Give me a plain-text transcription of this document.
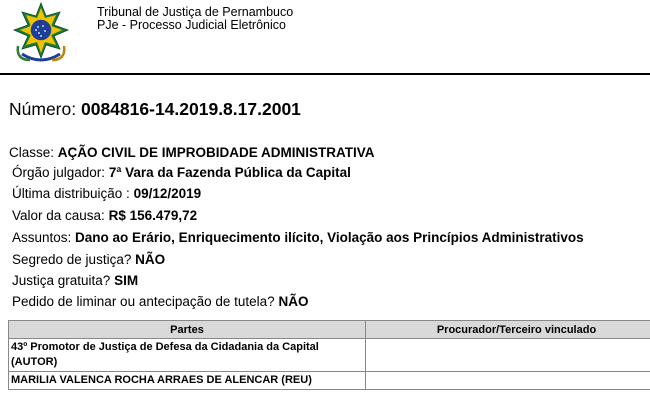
Tribunal de Justiça de Pernambuco
PJe - Processo Judicial Eletrônico
Número: 0084816-14.2019.8.17.2001
Classe: AÇÃO CIVIL DE IMPROBIDADE ADMINISTRATIVA
Órgão julgador: 7ª Vara da Fazenda Pública da Capital
Última distribuição : 09/12/2019
Valor da causa: R$ 156.479,72
Assuntos: Dano ao Erário, Enriquecimento ilícito, Violação aos Princípios Administrativos
Segredo de justiça? NÃO
Justiça gratuita? SIM
Pedido de liminar ou antecipação de tutela? NÃO
Partes	Procurador/Terceiro vinculado

43º Promotor de Justiça de Defesa da Cidadania da Capital
(AUTOR)	

MARILIA VALENCA ROCHA ARRAES DE ALENCAR (REU)	
